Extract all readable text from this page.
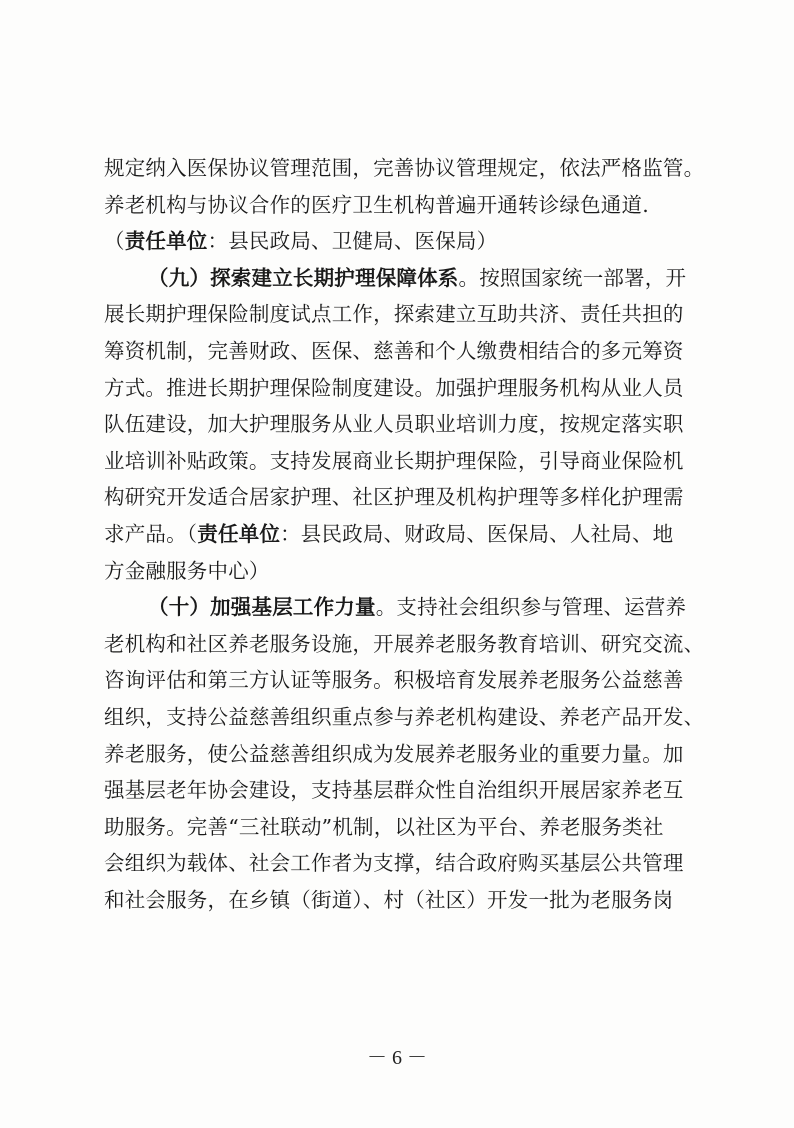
规定纳入医保协议管理范围，完善协议管理规定，依法严格监管。
养老机构与协议合作的医疗卫生机构普遍开通转诊绿色通道.
（责任单位：县民政局、卫健局、医保局）
（九）探索建立长期护理保障体系。按照国家统一部署，开
展长期护理保险制度试点工作，探索建立互助共济、责任共担的
筹资机制，完善财政、医保、慈善和个人缴费相结合的多元筹资
方式。推进长期护理保险制度建设。加强护理服务机构从业人员
队伍建设，加大护理服务从业人员职业培训力度，按规定落实职
业培训补贴政策。支持发展商业长期护理保险，引导商业保险机
构研究开发适合居家护理、社区护理及机构护理等多样化护理需
求产品。（责任单位：县民政局、财政局、医保局、人社局、地
方金融服务中心）
（十）加强基层工作力量。支持社会组织参与管理、运营养
老机构和社区养老服务设施，开展养老服务教育培训、研究交流、
咨询评估和第三方认证等服务。积极培育发展养老服务公益慈善
组织，支持公益慈善组织重点参与养老机构建设、养老产品开发、
养老服务，使公益慈善组织成为发展养老服务业的重要力量。加
强基层老年协会建设，支持基层群众性自治组织开展居家养老互
助服务。完善“三社联动”机制，以社区为平台、养老服务类社
会组织为载体、社会工作者为支撑，结合政府购买基层公共管理
和社会服务，在乡镇（街道）、村（社区）开发一批为老服务岗
－ 6 －
